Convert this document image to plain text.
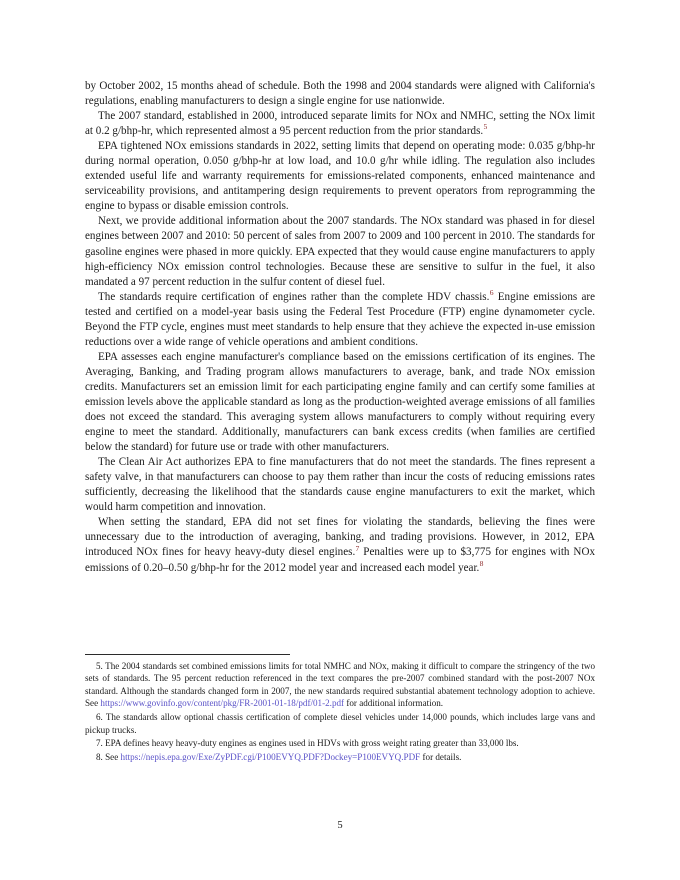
by October 2002, 15 months ahead of schedule. Both the 1998 and 2004 standards were aligned with California's regulations, enabling manufacturers to design a single engine for use nationwide.

The 2007 standard, established in 2000, introduced separate limits for NOx and NMHC, setting the NOx limit at 0.2 g/bhp-hr, which represented almost a 95 percent reduction from the prior standards.$^5$

EPA tightened NOx emissions standards in 2022, setting limits that depend on operating mode: 0.035 g/bhp-hr during normal operation, 0.050 g/bhp-hr at low load, and 10.0 g/hr while idling. The regulation also includes extended useful life and warranty requirements for emissions-related components, enhanced maintenance and serviceability provisions, and antitampering design requirements to prevent operators from reprogramming the engine to bypass or disable emission controls.

Next, we provide additional information about the 2007 standards. The NOx standard was phased in for diesel engines between 2007 and 2010: 50 percent of sales from 2007 to 2009 and 100 percent in 2010. The standards for gasoline engines were phased in more quickly. EPA expected that they would cause engine manufacturers to apply high-efficiency NOx emission control technologies. Because these are sensitive to sulfur in the fuel, it also mandated a 97 percent reduction in the sulfur content of diesel fuel.

The standards require certification of engines rather than the complete HDV chassis.$^6$ Engine emissions are tested and certified on a model-year basis using the Federal Test Procedure (FTP) engine dynamometer cycle. Beyond the FTP cycle, engines must meet standards to help ensure that they achieve the expected in-use emission reductions over a wide range of vehicle operations and ambient conditions.

EPA assesses each engine manufacturer's compliance based on the emissions certification of its engines. The Averaging, Banking, and Trading program allows manufacturers to average, bank, and trade NOx emission credits. Manufacturers set an emission limit for each participating engine family and can certify some families at emission levels above the applicable standard as long as the production-weighted average emissions of all families does not exceed the standard. This averaging system allows manufacturers to comply without requiring every engine to meet the standard. Additionally, manufacturers can bank excess credits (when families are certified below the standard) for future use or trade with other manufacturers.

The Clean Air Act authorizes EPA to fine manufacturers that do not meet the standards. The fines represent a safety valve, in that manufacturers can choose to pay them rather than incur the costs of reducing emissions rates sufficiently, decreasing the likelihood that the standards cause engine manufacturers to exit the market, which would harm competition and innovation.

When setting the standard, EPA did not set fines for violating the standards, believing the fines were unnecessary due to the introduction of averaging, banking, and trading provisions. However, in 2012, EPA introduced NOx fines for heavy heavy-duty diesel engines.$^7$ Penalties were up to $3,775 for engines with NOx emissions of 0.20–0.50 g/bhp-hr for the 2012 model year and increased each model year.$^8$

5. The 2004 standards set combined emissions limits for total NMHC and NOx, making it difficult to compare the stringency of the two sets of standards. The 95 percent reduction referenced in the text compares the pre-2007 combined standard with the post-2007 NOx standard. Although the standards changed form in 2007, the new standards required substantial abatement technology adoption to achieve. See https://www.govinfo.gov/content/pkg/FR-2001-01-18/pdf/01-2.pdf for additional information.

6. The standards allow optional chassis certification of complete diesel vehicles under 14,000 pounds, which includes large vans and pickup trucks.

7. EPA defines heavy heavy-duty engines as engines used in HDVs with gross weight rating greater than 33,000 lbs.

8. See https://nepis.epa.gov/Exe/ZyPDF.cgi/P100EVYQ.PDF?Dockey=P100EVYQ.PDF for details.

5
